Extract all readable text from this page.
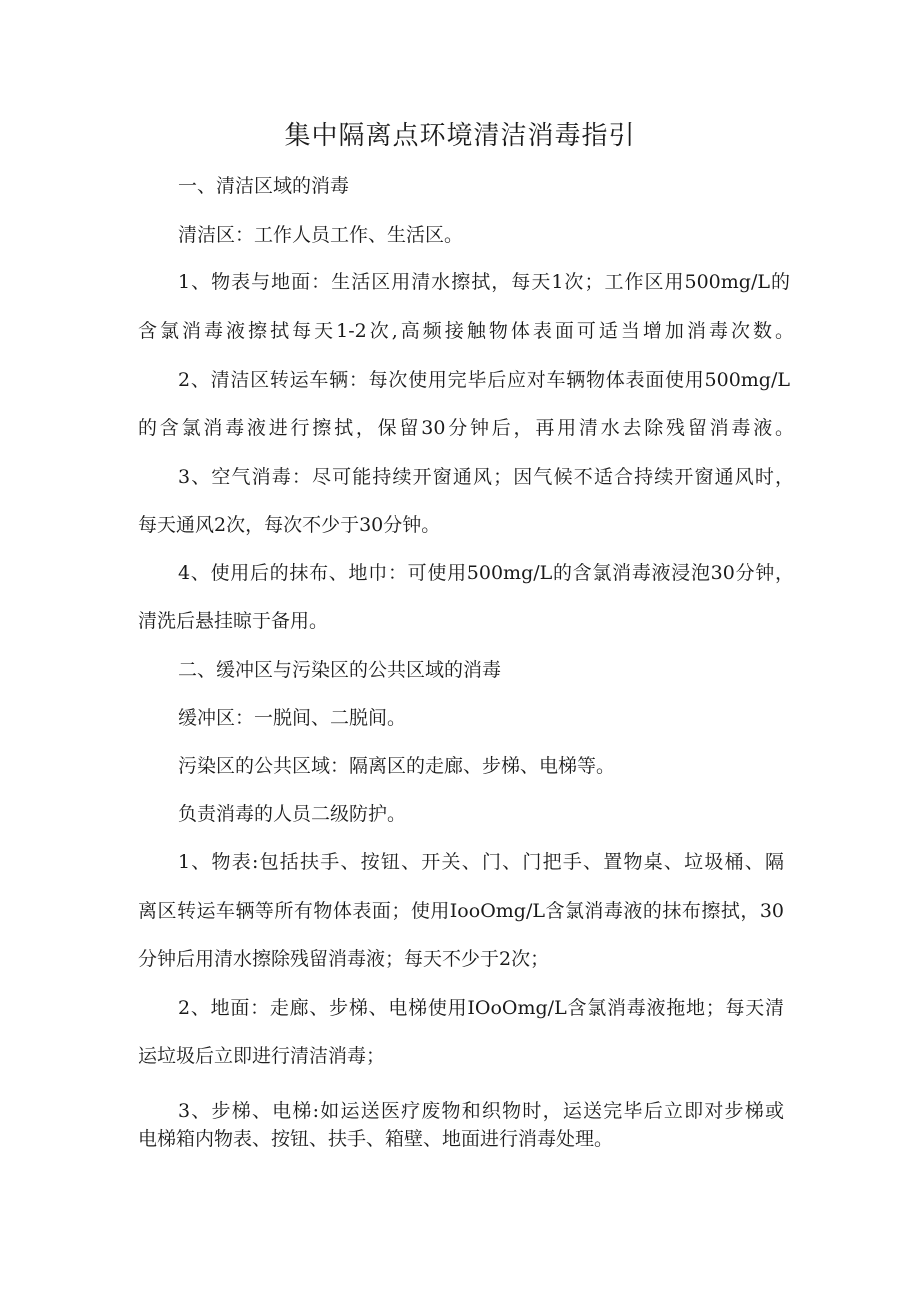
集中隔离点环境清洁消毒指引
一、清洁区域的消毒
清洁区：工作人员工作、生活区。
1、物表与地面：生活区用清水擦拭，每天1次；工作区用500mg∕L的
含氯消毒液擦拭每天1-2次,高频接触物体表面可适当增加消毒次数。
2、清洁区转运车辆：每次使用完毕后应对车辆物体表面使用500mg∕L
的含氯消毒液进行擦拭，保留30分钟后，再用清水去除残留消毒液。
3、空气消毒：尽可能持续开窗通风；因气候不适合持续开窗通风时，
每天通风2次，每次不少于30分钟。
4、使用后的抹布、地巾：可使用500mg∕L的含氯消毒液浸泡30分钟，
清洗后悬挂晾于备用。
二、缓冲区与污染区的公共区域的消毒
缓冲区：一脱间、二脱间。
污染区的公共区域：隔离区的走廊、步梯、电梯等。
负责消毒的人员二级防护。
1、物表:包括扶手、按钮、开关、门、门把手、置物桌、垃圾桶、隔
离区转运车辆等所有物体表面；使用IooOmg/L含氯消毒液的抹布擦拭，30
分钟后用清水擦除残留消毒液；每天不少于2次；
2、地面：走廊、步梯、电梯使用IOoOmg/L含氯消毒液拖地；每天清
运垃圾后立即进行清洁消毒；
3、步梯、电梯:如运送医疗废物和织物时，运送完毕后立即对步梯或
电梯箱内物表、按钮、扶手、箱壁、地面进行消毒处理。
